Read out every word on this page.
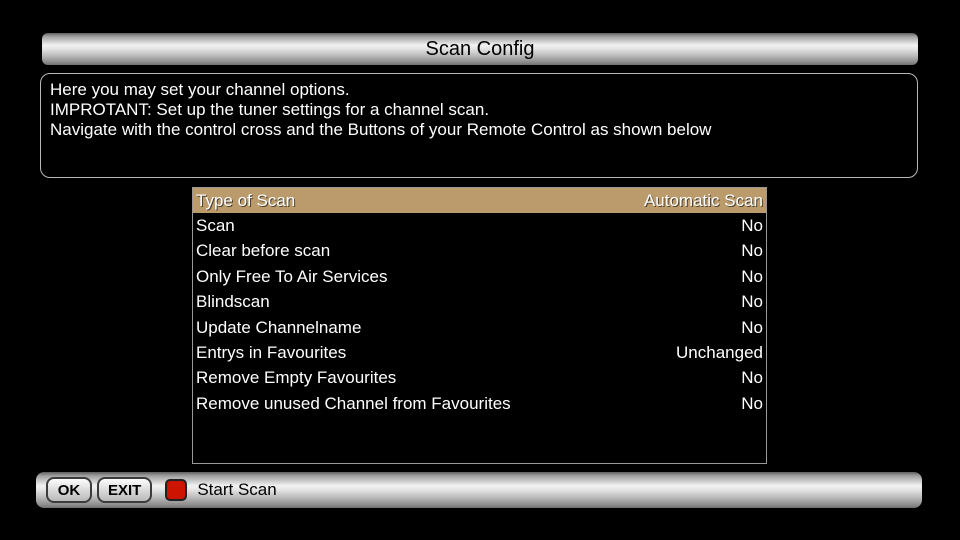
Scan Config
Here you may set your channel options.
IMPROTANT: Set up the tuner settings for a channel scan.
Navigate with the control cross and the Buttons of your Remote Control as shown below
Type of Scan	Automatic Scan
Scan	No
Clear before scan	No
Only Free To Air Services	No
Blindscan	No
Update Channelname	No
Entrys in Favourites	Unchanged
Remove Empty Favourites	No
Remove unused Channel from Favourites	No
OK	EXIT	Start Scan
